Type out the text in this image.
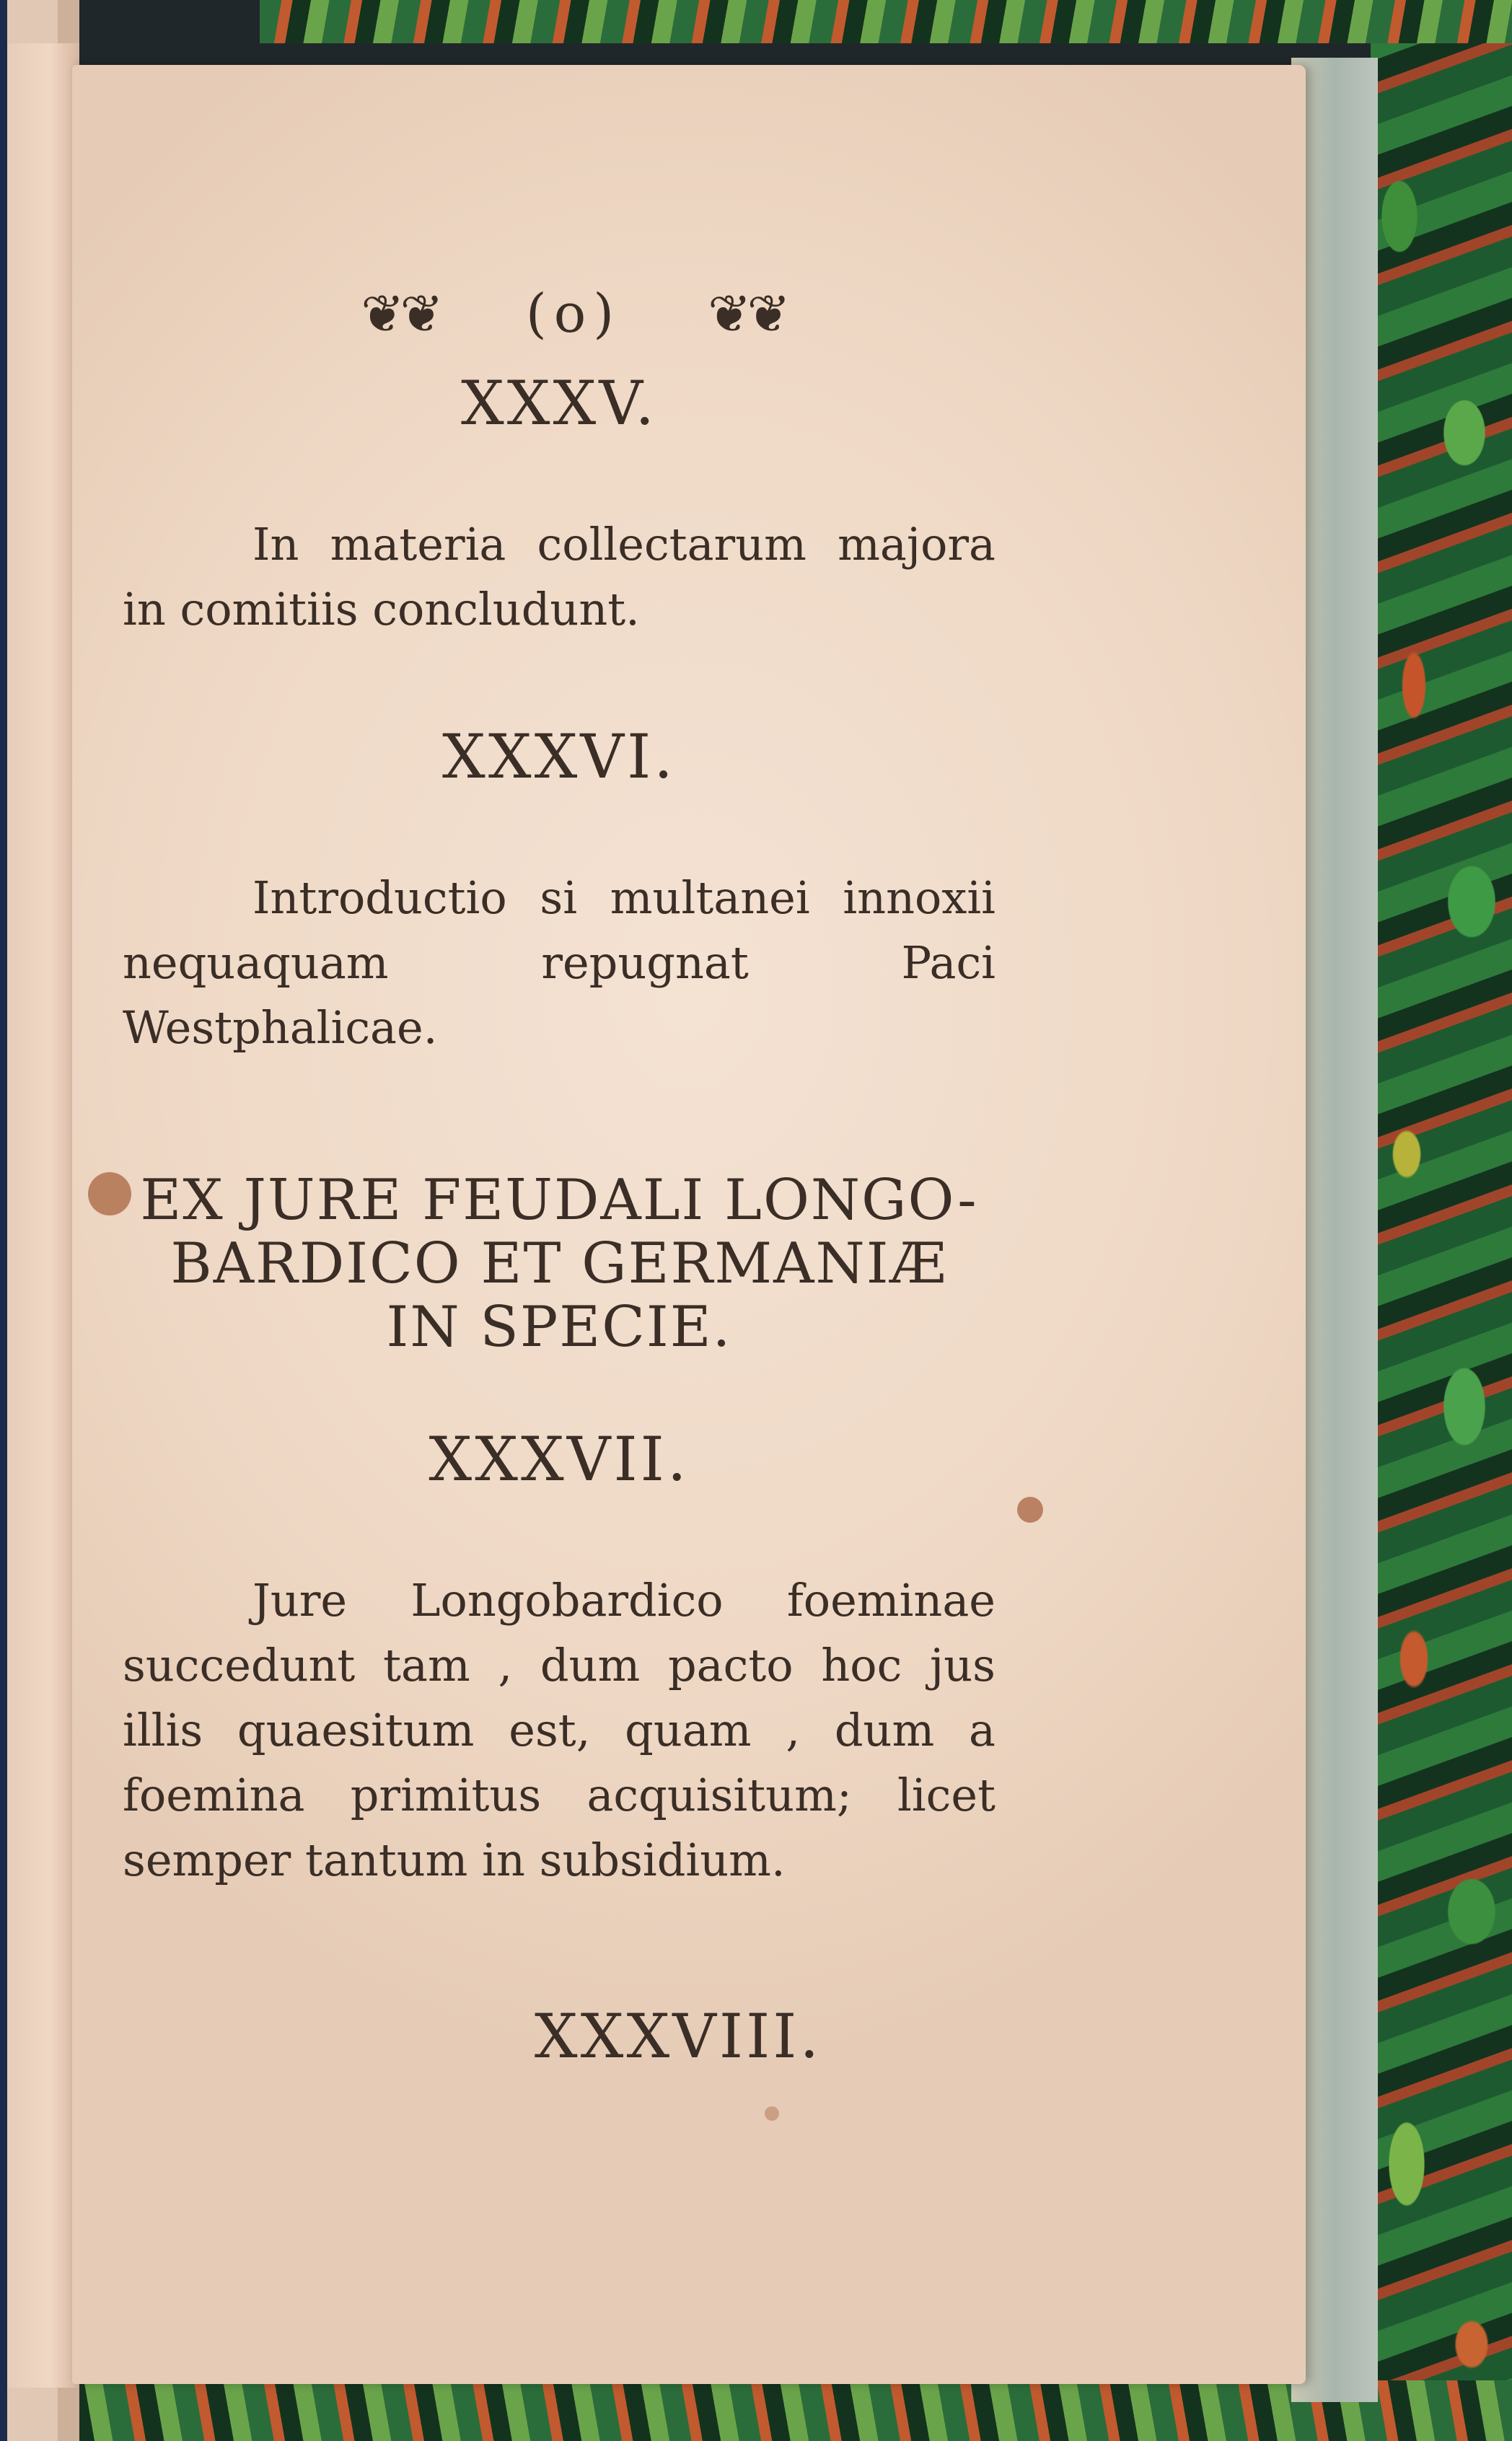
❦❦ (o) ❦❦
XXXV.

In materia collectarum majora in comitiis concludunt.

XXXVI.

Introductio si multanei innoxii nequaquam repugnat Paci Westphalicae.

EX JURE FEUDALI LONGO-
BARDICO ET GERMANIÆ
IN SPECIE.
XXXVII.

Jure Longobardico foeminae succedunt tam , dum pacto hoc jus illis quaesitum est, quam , dum a foemina primitus acquisitum; licet semper tantum in subsidium.

XXXVIII.
